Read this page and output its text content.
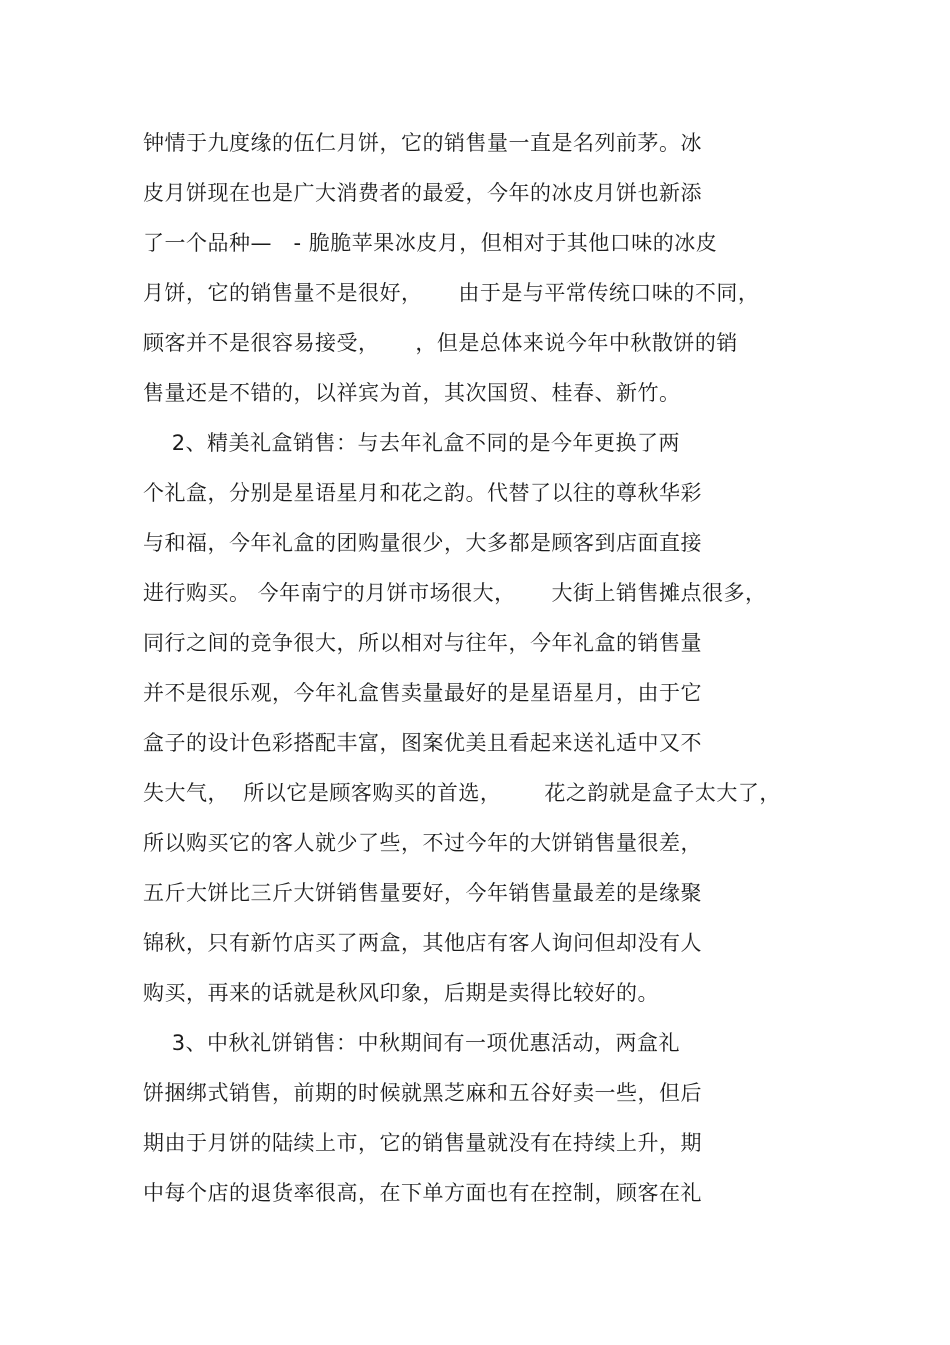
钟情于九度缘的伍仁月饼，它的销售量一直是名列前茅。冰
皮月饼现在也是广大消费者的最爱，今年的冰皮月饼也新添
了一个品种—   - 脆脆苹果冰皮月，但相对于其他口味的冰皮
月饼，它的销售量不是很好，     由于是与平常传统口味的不同，
顾客并不是很容易接受，     ，但是总体来说今年中秋散饼的销
售量还是不错的，以祥宾为首，其次国贸、桂春、新竹。
2、精美礼盒销售：与去年礼盒不同的是今年更换了两
个礼盒，分别是星语星月和花之韵。代替了以往的尊秋华彩
与和福，今年礼盒的团购量很少，大多都是顾客到店面直接
进行购买。 今年南宁的月饼市场很大，     大街上销售摊点很多，
同行之间的竞争很大，所以相对与往年，今年礼盒的销售量
并不是很乐观，今年礼盒售卖量最好的是星语星月，由于它
盒子的设计色彩搭配丰富，图案优美且看起来送礼适中又不
失大气，  所以它是顾客购买的首选，      花之韵就是盒子太大了，
所以购买它的客人就少了些，不过今年的大饼销售量很差，
五斤大饼比三斤大饼销售量要好，今年销售量最差的是缘聚
锦秋，只有新竹店买了两盒，其他店有客人询问但却没有人
购买，再来的话就是秋风印象，后期是卖得比较好的。
3、中秋礼饼销售：中秋期间有一项优惠活动，两盒礼
饼捆绑式销售，前期的时候就黑芝麻和五谷好卖一些，但后
期由于月饼的陆续上市，它的销售量就没有在持续上升，期
中每个店的退货率很高，在下单方面也有在控制，顾客在礼
